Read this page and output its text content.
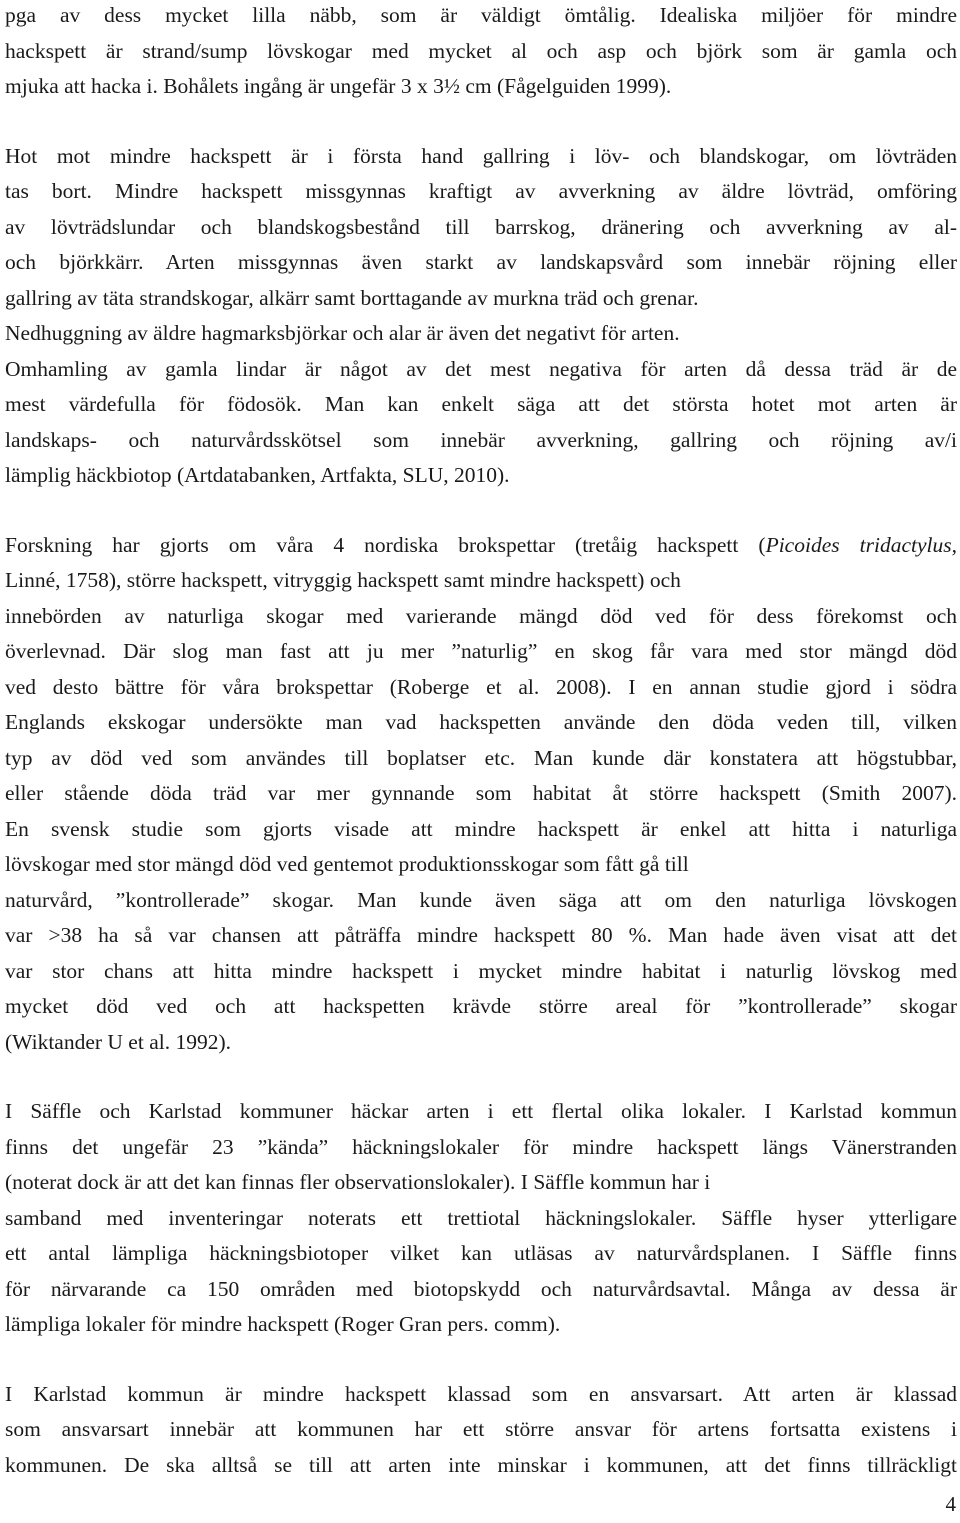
pga av dess mycket lilla näbb, som är väldigt ömtålig. Idealiska miljöer för mindre
hackspett är strand/sump lövskogar med mycket al och asp och björk som är gamla och
mjuka att hacka i. Bohålets ingång är ungefär 3 x 3½ cm (Fågelguiden 1999).
Hot mot mindre hackspett är i första hand gallring i löv- och blandskogar, om lövträden
tas bort. Mindre hackspett missgynnas kraftigt av avverkning av äldre lövträd, omföring
av lövträdslundar och blandskogsbestånd till barrskog, dränering och avverkning av al-
och björkkärr. Arten missgynnas även starkt av landskapsvård som innebär röjning eller
gallring av täta strandskogar, alkärr samt borttagande av murkna träd och grenar.
Nedhuggning av äldre hagmarksbjörkar och alar är även det negativt för arten.
Omhamling av gamla lindar är något av det mest negativa för arten då dessa träd är de
mest värdefulla för födosök. Man kan enkelt säga att det största hotet mot arten är
landskaps- och naturvårdsskötsel som innebär avverkning, gallring och röjning av/i
lämplig häckbiotop (Artdatabanken, Artfakta, SLU, 2010).
Forskning har gjorts om våra 4 nordiska brokspettar (tretåig hackspett (Picoides tridactylus,
Linné, 1758), större hackspett, vitryggig hackspett samt mindre hackspett) och
innebörden av naturliga skogar med varierande mängd död ved för dess förekomst och
överlevnad. Där slog man fast att ju mer ”naturlig” en skog får vara med stor mängd död
ved desto bättre för våra brokspettar (Roberge et al. 2008). I en annan studie gjord i södra
Englands ekskogar undersökte man vad hackspetten använde den döda veden till, vilken
typ av död ved som användes till boplatser etc. Man kunde där konstatera att högstubbar,
eller stående döda träd var mer gynnande som habitat åt större hackspett (Smith 2007).
En svensk studie som gjorts visade att mindre hackspett är enkel att hitta i naturliga
lövskogar med stor mängd död ved gentemot produktionsskogar som fått gå till
naturvård, ”kontrollerade” skogar. Man kunde även säga att om den naturliga lövskogen
var >38 ha så var chansen att påträffa mindre hackspett 80 %. Man hade även visat att det
var stor chans att hitta mindre hackspett i mycket mindre habitat i naturlig lövskog med
mycket död ved och att hackspetten krävde större areal för ”kontrollerade” skogar
(Wiktander U et al. 1992).
I Säffle och Karlstad kommuner häckar arten i ett flertal olika lokaler. I Karlstad kommun
finns det ungefär 23 ”kända” häckningslokaler för mindre hackspett längs Vänerstranden
(noterat dock är att det kan finnas fler observationslokaler). I Säffle kommun har i
samband med inventeringar noterats ett trettiotal häckningslokaler. Säffle hyser ytterligare
ett antal lämpliga häckningsbiotoper vilket kan utläsas av naturvårdsplanen. I Säffle finns
för närvarande ca 150 områden med biotopskydd och naturvårdsavtal. Många av dessa är
lämpliga lokaler för mindre hackspett (Roger Gran pers. comm).
I Karlstad kommun är mindre hackspett klassad som en ansvarsart. Att arten är klassad
som ansvarsart innebär att kommunen har ett större ansvar för artens fortsatta existens i
kommunen. De ska alltså se till att arten inte minskar i kommunen, att det finns tillräckligt
4
